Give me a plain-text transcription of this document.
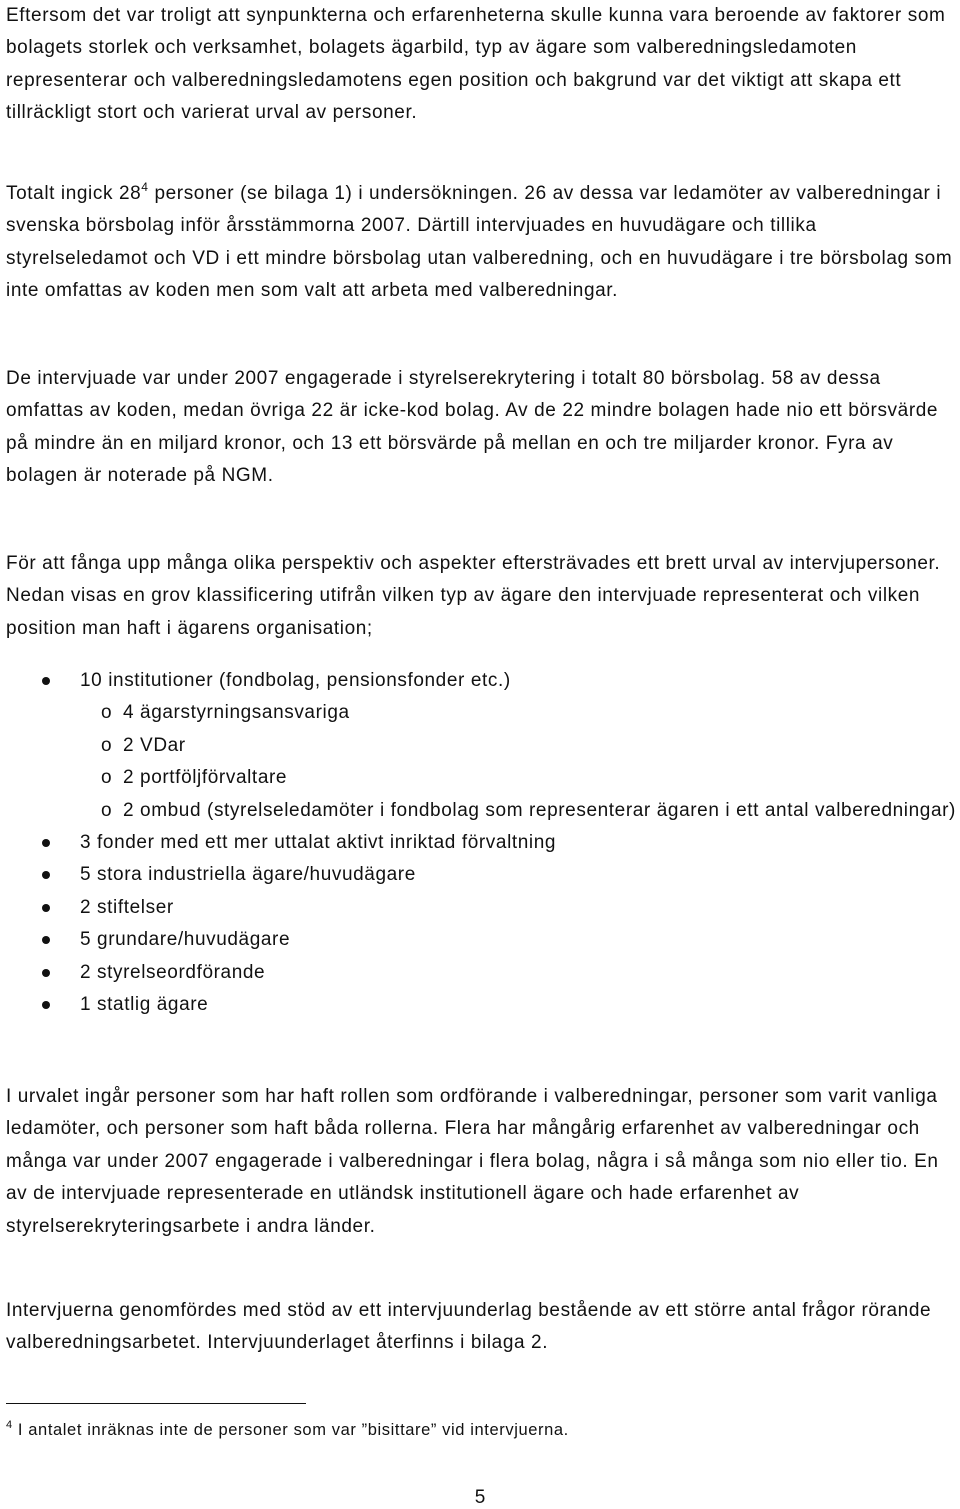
Eftersom det var troligt att synpunkterna och erfarenheterna skulle kunna vara beroende av faktorer som bolagets storlek och verksamhet, bolagets ägarbild, typ av ägare som valberedningsledamoten representerar och valberedningsledamotens egen position och bakgrund var det viktigt att skapa ett tillräckligt stort och varierat urval av personer.

Totalt ingick $28^4$ personer (se bilaga 1) i undersökningen. 26 av dessa var ledamöter av valberedningar i svenska börsbolag inför årsstämmorna 2007. Därtill intervjuades en huvudägare och tillika styrelseledamot och VD i ett mindre börsbolag utan valberedning, och en huvudägare i tre börsbolag som inte omfattas av koden men som valt att arbeta med valberedningar.

De intervjuade var under 2007 engagerade i styrelserekrytering i totalt 80 börsbolag. 58 av dessa omfattas av koden, medan övriga 22 är icke-kod bolag. Av de 22 mindre bolagen hade nio ett börsvärde på mindre än en miljard kronor, och 13 ett börsvärde på mellan en och tre miljarder kronor. Fyra av bolagen är noterade på NGM.

För att fånga upp många olika perspektiv och aspekter eftersträvades ett brett urval av intervjupersoner. Nedan visas en grov klassificering utifrån vilken typ av ägare den intervjuade representerat och vilken position man haft i ägarens organisation;

10 institutioner (fondbolag, pensionsfonder etc.)
o 4 ägarstyrningsansvariga
o 2 VDar
o 2 portföljförvaltare
o 2 ombud (styrelseledamöter i fondbolag som representerar ägaren i ett antal valberedningar)
3 fonder med ett mer uttalat aktivt inriktad förvaltning
5 stora industriella ägare/huvudägare
2 stiftelser
5 grundare/huvudägare
2 styrelseordförande
1 statlig ägare

I urvalet ingår personer som har haft rollen som ordförande i valberedningar, personer som varit vanliga ledamöter, och personer som haft båda rollerna. Flera har mångårig erfarenhet av valberedningar och många var under 2007 engagerade i valberedningar i flera bolag, några i så många som nio eller tio. En av de intervjuade representerade en utländsk institutionell ägare och hade erfarenhet av styrelserekryteringsarbete i andra länder.

Intervjuerna genomfördes med stöd av ett intervjuunderlag bestående av ett större antal frågor rörande valberedningsarbetet. Intervjuunderlaget återfinns i bilaga 2.

$^4$ I antalet inräknas inte de personer som var ”bisittare” vid intervjuerna.
5
